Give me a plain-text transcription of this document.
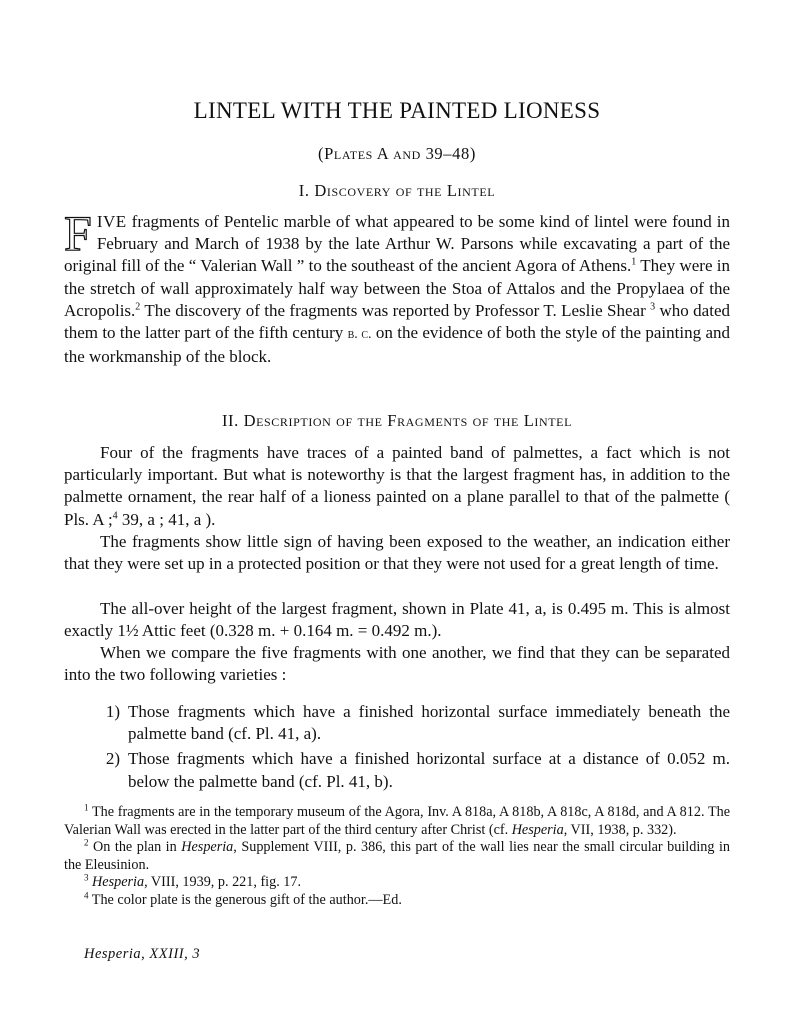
LINTEL WITH THE PAINTED LIONESS

(Plates A and 39–48)

I. Discovery of the Lintel

FIVE fragments of Pentelic marble of what appeared to be some kind of lintel were found in February and March of 1938 by the late Arthur W. Parsons while excavating a part of the original fill of the “ Valerian Wall ” to the southeast of the ancient Agora of Athens.$^1$ They were in the stretch of wall approximately half way between the Stoa of Attalos and the Propylaea of the Acropolis.$^2$ The discovery of the fragments was reported by Professor T. Leslie Shear $^3$ who dated them to the latter part of the fifth century b. c. on the evidence of both the style of the painting and the workmanship of the block.

II. Description of the Fragments of the Lintel

Four of the fragments have traces of a painted band of palmettes, a fact which is not particularly important. But what is noteworthy is that the largest fragment has, in addition to the palmette ornament, the rear half of a lioness painted on a plane parallel to that of the palmette ( Pls. A ;$^4$ 39, a ; 41, a ).

The fragments show little sign of having been exposed to the weather, an indication either that they were set up in a protected position or that they were not used for a great length of time.

The all-over height of the largest fragment, shown in Plate 41, a, is 0.495 m. This is almost exactly 1½ Attic feet (0.328 m. + 0.164 m. = 0.492 m.).

When we compare the five fragments with one another, we find that they can be separated into the two following varieties :

1) Those fragments which have a finished horizontal surface immediately beneath the palmette band (cf. Pl. 41, a).
2) Those fragments which have a finished horizontal surface at a distance of 0.052 m. below the palmette band (cf. Pl. 41, b).

$^1$ The fragments are in the temporary museum of the Agora, Inv. A 818a, A 818b, A 818c, A 818d, and A 812. The Valerian Wall was erected in the latter part of the third century after Christ (cf. Hesperia, VII, 1938, p. 332).

$^2$ On the plan in Hesperia, Supplement VIII, p. 386, this part of the wall lies near the small circular building in the Eleusinion.

$^3$ Hesperia, VIII, 1939, p. 221, fig. 17.

$^4$ The color plate is the generous gift of the author.—Ed.

Hesperia, XXIII, 3
